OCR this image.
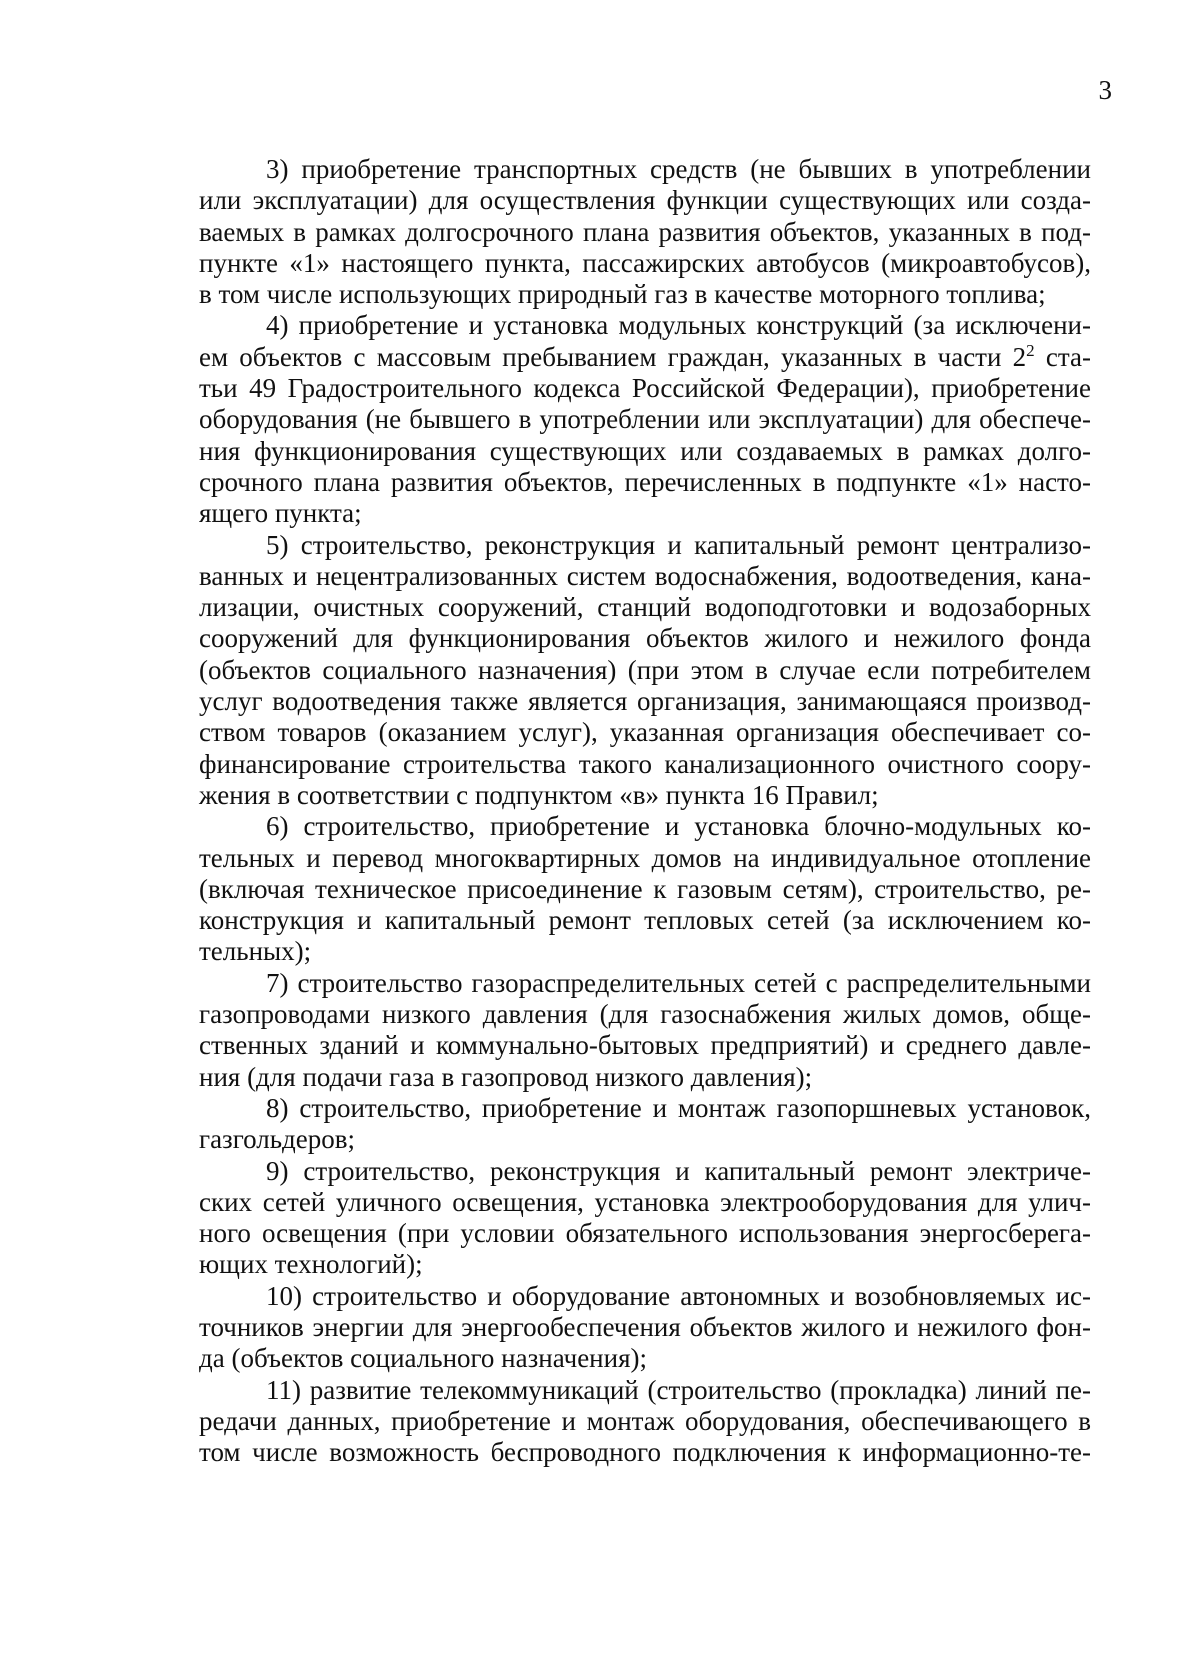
3
3) приобретение транспортных средств (не бывших в употреблении
или эксплуатации) для осуществления функции существующих или созда-
ваемых в рамках долгосрочного плана развития объектов, указанных в под-
пункте «1» настоящего пункта, пассажирских автобусов (микроавтобусов),
в том числе использующих природный газ в качестве моторного топлива;
4) приобретение и установка модульных конструкций (за исключени-
ем объектов с массовым пребыванием граждан, указанных в части $2^2$ ста-
тьи 49 Градостроительного кодекса Российской Федерации), приобретение
оборудования (не бывшего в употреблении или эксплуатации) для обеспече-
ния функционирования существующих или создаваемых в рамках долго-
срочного плана развития объектов, перечисленных в подпункте «1» насто-
ящего пункта;
5) строительство, реконструкция и капитальный ремонт централизо-
ванных и нецентрализованных систем водоснабжения, водоотведения, кана-
лизации, очистных сооружений, станций водоподготовки и водозаборных
сооружений для функционирования объектов жилого и нежилого фонда
(объектов социального назначения) (при этом в случае если потребителем
услуг водоотведения также является организация, занимающаяся производ-
ством товаров (оказанием услуг), указанная организация обеспечивает со-
финансирование строительства такого канализационного очистного соору-
жения в соответствии с подпунктом «в» пункта 16 Правил;
6) строительство, приобретение и установка блочно-модульных ко-
тельных и перевод многоквартирных домов на индивидуальное отопление
(включая техническое присоединение к газовым сетям), строительство, ре-
конструкция и капитальный ремонт тепловых сетей (за исключением ко-
тельных);
7) строительство газораспределительных сетей с распределительными
газопроводами низкого давления (для газоснабжения жилых домов, обще-
ственных зданий и коммунально-бытовых предприятий) и среднего давле-
ния (для подачи газа в газопровод низкого давления);
8) строительство, приобретение и монтаж газопоршневых установок,
газгольдеров;
9) строительство, реконструкция и капитальный ремонт электриче-
ских сетей уличного освещения, установка электрооборудования для улич-
ного освещения (при условии обязательного использования энергосберега-
ющих технологий);
10) строительство и оборудование автономных и возобновляемых ис-
точников энергии для энергообеспечения объектов жилого и нежилого фон-
да (объектов социального назначения);
11) развитие телекоммуникаций (строительство (прокладка) линий пе-
редачи данных, приобретение и монтаж оборудования, обеспечивающего в
том числе возможность беспроводного подключения к информационно-те-
